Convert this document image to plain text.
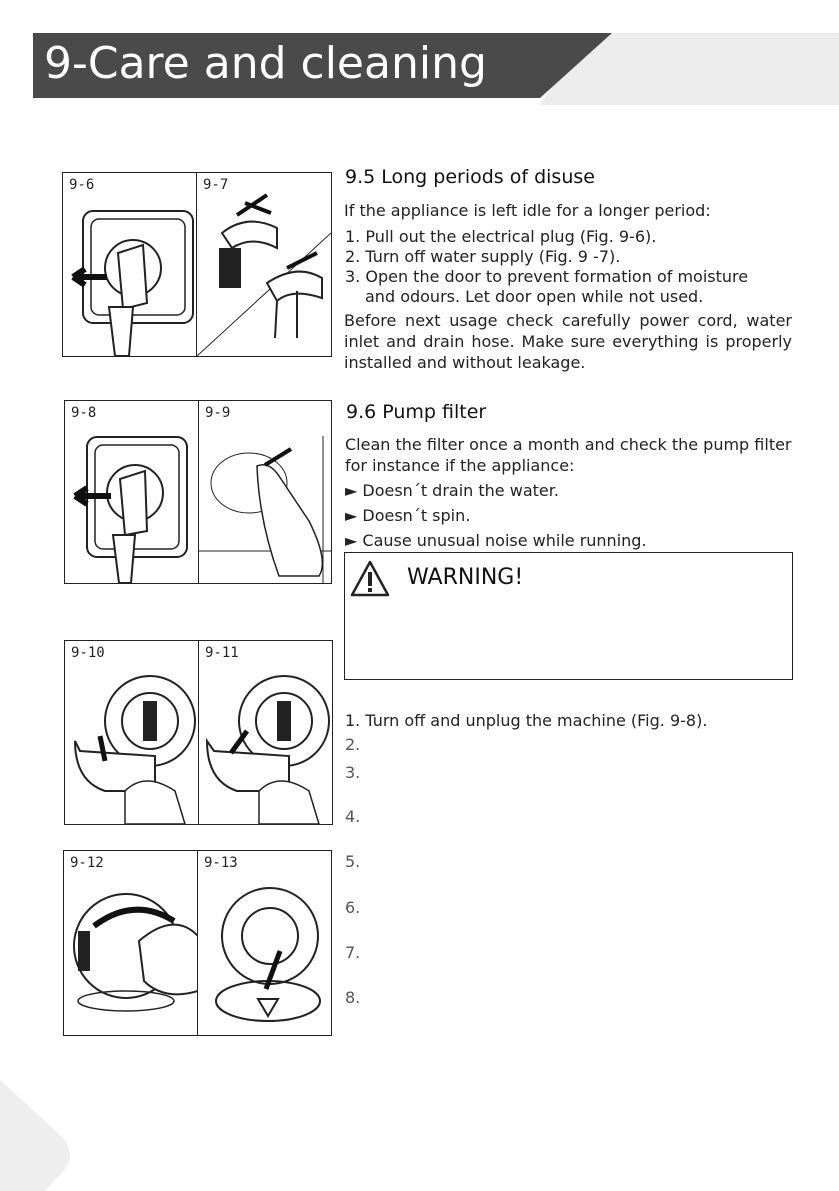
9-Care and cleaning
9-6	9-7
9-8	9-9
9-10	9-11
9-12	9-13
9.5 Long periods of disuse

If the appliance is left idle for a longer period:

1. Pull out the electrical plug (Fig. 9-6).
2. Turn off water supply (Fig. 9 -7).
3. Open the door to prevent formation of moisture
and odours. Let door open while not used.

Before next usage check carefully power cord, water inlet and drain hose. Make sure everything is properly installed and without leakage.

9.6 Pump filter

Clean the filter once a month and check the pump filter for instance if the appliance:

► Doesn´t drain the water.
► Doesn´t spin.
► Cause unusual noise while running.
WARNING!
1. Turn off and unplug the machine (Fig. 9-8).
2.
3.
4.
5.
6.
7.
8.
